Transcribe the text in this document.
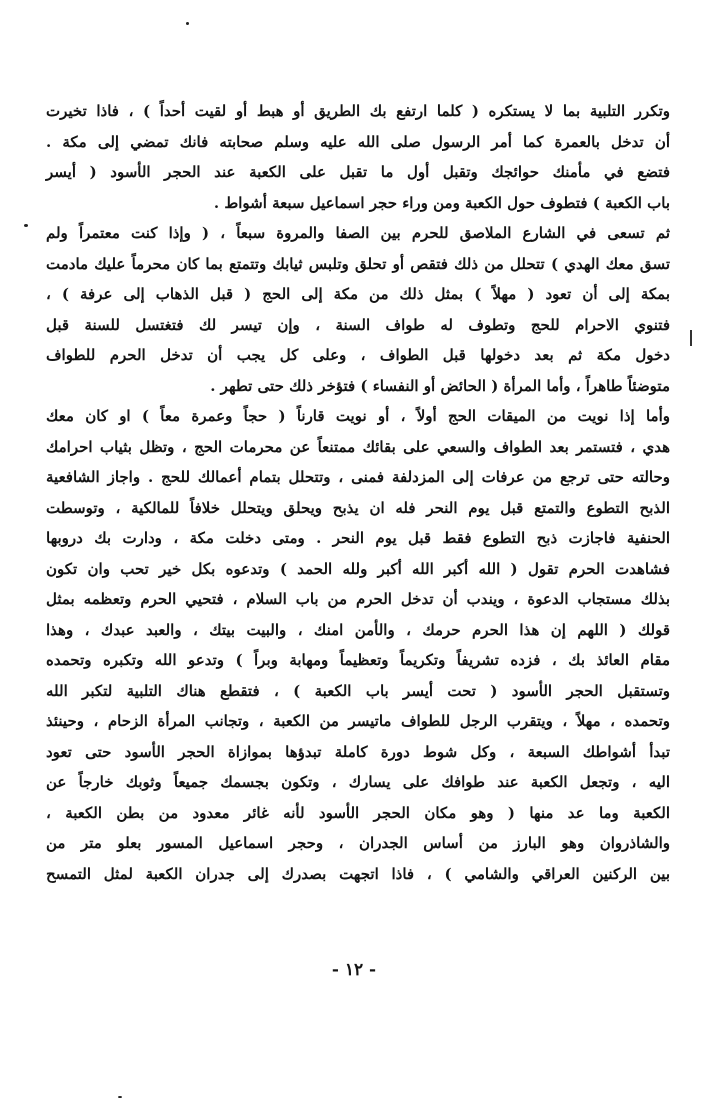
وتكرر التلبية بما لا يستكره ( كلما ارتفع بك الطريق أو هبط أو لقيت أحداً ) ، فاذا تخيرت
أن تدخل بالعمرة كما أمر الرسول صلى الله عليه وسلم صحابته فانك تمضي إلى مكة .
فتضع في مأمنك حوائجك وتقبل أول ما تقبل على الكعبة عند الحجر الأسود ( أيسر
باب الكعبة ) فتطوف حول الكعبة ومن وراء حجر اسماعيل سبعة أشواط .
ثم تسعى في الشارع الملاصق للحرم بين الصفا والمروة سبعاً ، ( وإذا كنت معتمراً ولم
تسق معك الهدي ) تتحلل من ذلك فتقص أو تحلق وتلبس ثيابك وتتمتع بما كان محرماً عليك مادمت
بمكة إلى أن تعود ( مهلاً ) بمثل ذلك من مكة إلى الحج ( قبل الذهاب إلى عرفة ) ،
فتنوي الاحرام للحج وتطوف له طواف السنة ، وإن تيسر لك فتغتسل للسنة قبل
دخول مكة ثم بعد دخولها قبل الطواف ، وعلى كل يجب أن تدخل الحرم للطواف
متوضئاً طاهراً ، وأما المرأة ( الحائض أو النفساء ) فتؤخر ذلك حتى تطهر .
وأما إذا نويت من الميقات الحج أولاً ، أو نويت قارناً ( حجاً وعمرة معاً ) او كان معك
هدي ، فتستمر بعد الطواف والسعي على بقائك ممتنعاً عن محرمات الحج ، وتظل بثياب احرامك
وحالته حتى ترجع من عرفات إلى المزدلفة فمنى ، وتتحلل بتمام أعمالك للحج . واجاز الشافعية
الذبح التطوع والتمتع قبل يوم النحر فله ان يذبح ويحلق ويتحلل خلافاً للمالكية ، وتوسطت
الحنفية فاجازت ذبح التطوع فقط قبل يوم النحر . ومتى دخلت مكة ، ودارت بك دروبها
فشاهدت الحرم تقول ( الله أكبر الله أكبر ولله الحمد ) وتدعوه بكل خير تحب وان تكون
بذلك مستجاب الدعوة ، ويندب أن تدخل الحرم من باب السلام ، فتحيي الحرم وتعظمه بمثل
قولك ( اللهم إن هذا الحرم حرمك ، والأمن امنك ، والبيت بيتك ، والعبد عبدك ، وهذا
مقام العائذ بك ، فزده تشريفاً وتكريماً وتعظيماً ومهابة وبراً ) وتدعو الله وتكبره وتحمده
وتستقبل الحجر الأسود ( تحت أيسر باب الكعبة ) ، فتقطع هناك التلبية لتكبر الله
وتحمده ، مهلاً ، ويتقرب الرجل للطواف ماتيسر من الكعبة ، وتجانب المرأة الزحام ، وحينئذ
تبدأ أشواطك السبعة ، وكل شوط دورة كاملة تبدؤها بموازاة الحجر الأسود حتى تعود
اليه ، وتجعل الكعبة عند طوافك على يسارك ، وتكون بجسمك جميعاً وثوبك خارجاً عن
الكعبة وما عد منها ( وهو مكان الحجر الأسود لأنه غائر معدود من بطن الكعبة ،
والشاذروان وهو البارز من أساس الجدران ، وحجر اسماعيل المسور بعلو متر من
بين الركنين العراقي والشامي ) ، فاذا اتجهت بصدرك إلى جدران الكعبة لمثل التمسح
- ١٢ -
